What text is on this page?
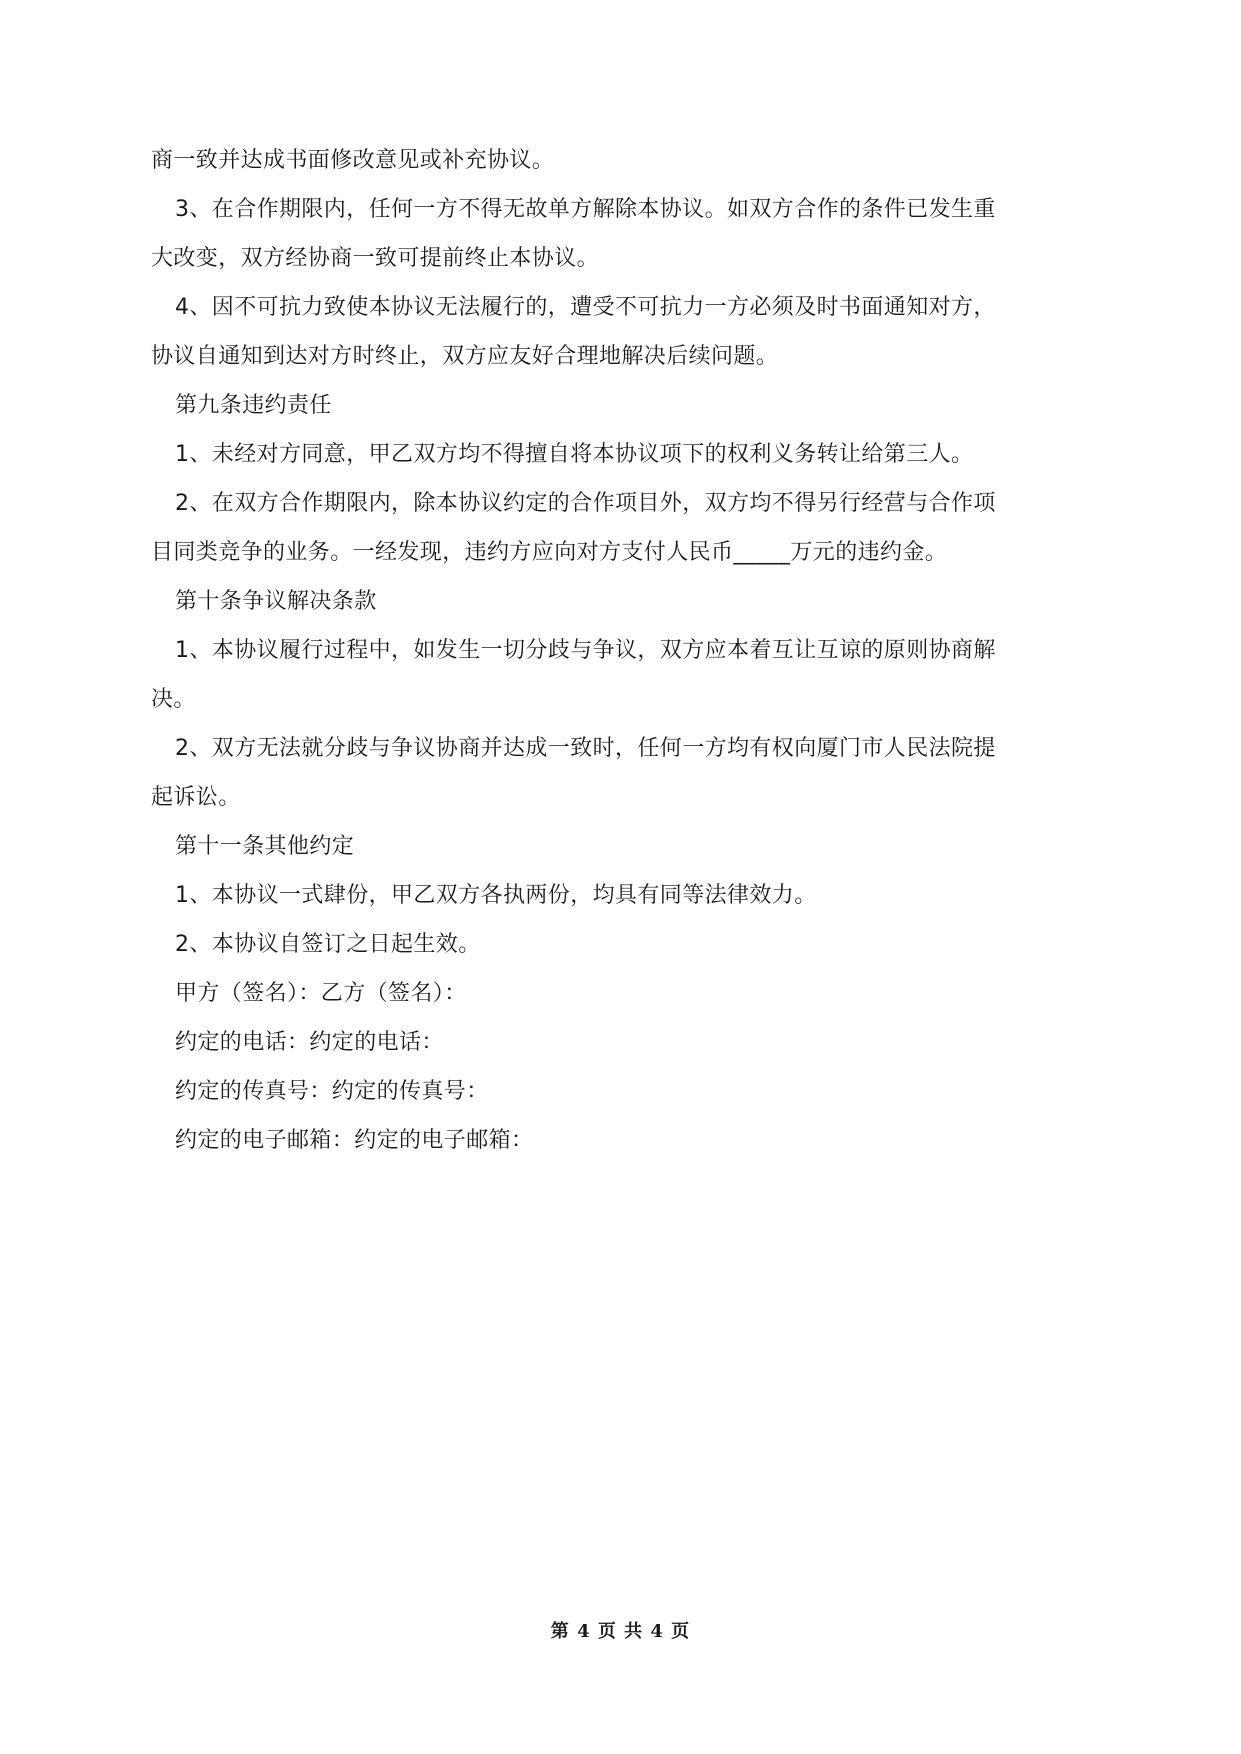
商一致并达成书面修改意见或补充协议。

3、在合作期限内，任何一方不得无故单方解除本协议。如双方合作的条件已发生重

大改变，双方经协商一致可提前终止本协议。

4、因不可抗力致使本协议无法履行的，遭受不可抗力一方必须及时书面通知对方，

协议自通知到达对方时终止，双方应友好合理地解决后续问题。

第九条违约责任

1、未经对方同意，甲乙双方均不得擅自将本协议项下的权利义务转让给第三人。

2、在双方合作期限内，除本协议约定的合作项目外，双方均不得另行经营与合作项

目同类竞争的业务。一经发现，违约方应向对方支付人民币_____万元的违约金。

第十条争议解决条款

1、本协议履行过程中，如发生一切分歧与争议，双方应本着互让互谅的原则协商解

决。

2、双方无法就分歧与争议协商并达成一致时，任何一方均有权向厦门市人民法院提

起诉讼。

第十一条其他约定

1、本协议一式肆份，甲乙双方各执两份，均具有同等法律效力。

2、本协议自签订之日起生效。

甲方（签名）：乙方（签名）：

约定的电话：约定的电话：

约定的传真号：约定的传真号：

约定的电子邮箱：约定的电子邮箱：

第 4 页 共 4 页
